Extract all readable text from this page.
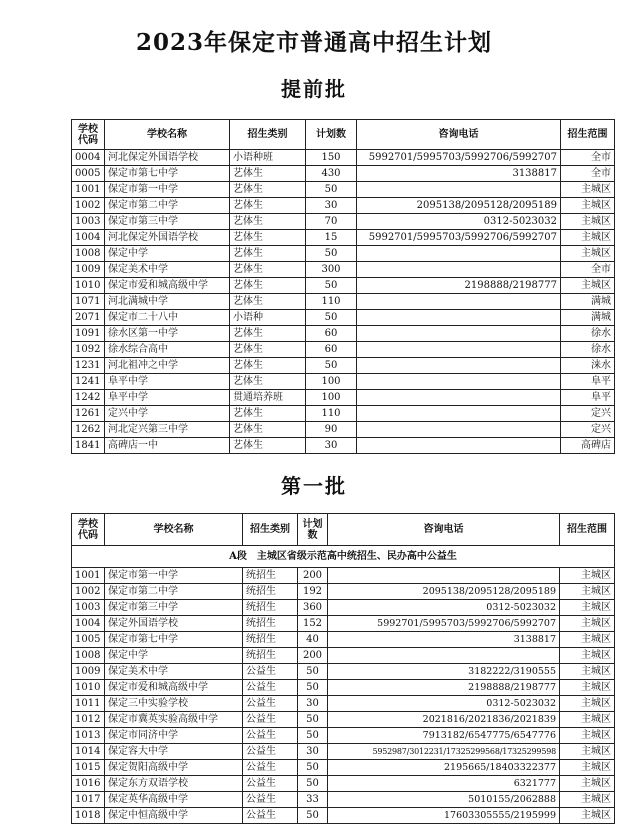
2023年保定市普通高中招生计划
提前批
学校代码	学校名称	招生类别	计划数	咨询电话	招生范围
0004	河北保定外国语学校	小语种班	150	5992701/5995703/5992706/5992707	全市
0005	保定市第七中学	艺体生	430	3138817	全市
1001	保定市第一中学	艺体生	50		主城区
1002	保定市第二中学	艺体生	30	2095138/2095128/2095189	主城区
1003	保定市第三中学	艺体生	70	0312-5023032	主城区
1004	河北保定外国语学校	艺体生	15	5992701/5995703/5992706/5992707	主城区
1008	保定中学	艺体生	50		主城区
1009	保定美术中学	艺体生	300		全市
1010	保定市爱和城高级中学	艺体生	50	2198888/2198777	主城区
1071	河北满城中学	艺体生	110		满城
2071	保定市二十八中	小语种	50		满城
1091	徐水区第一中学	艺体生	60		徐水
1092	徐水综合高中	艺体生	60		徐水
1231	河北祖冲之中学	艺体生	50		涞水
1241	阜平中学	艺体生	100		阜平
1242	阜平中学	贯通培养班	100		阜平
1261	定兴中学	艺体生	110		定兴
1262	河北定兴第三中学	艺体生	90		定兴
1841	高碑店一中	艺体生	30		高碑店
第一批
学校代码	学校名称	招生类别	计划数	咨询电话	招生范围
A段　主城区省级示范高中统招生、民办高中公益生					
1001	保定市第一中学	统招生	200		主城区
1002	保定市第二中学	统招生	192	2095138/2095128/2095189	主城区
1003	保定市第三中学	统招生	360	0312-5023032	主城区
1004	保定外国语学校	统招生	152	5992701/5995703/5992706/5992707	主城区
1005	保定市第七中学	统招生	40	3138817	主城区
1008	保定中学	统招生	200		主城区
1009	保定美术中学	公益生	50	3182222/3190555	主城区
1010	保定市爱和城高级中学	公益生	50	2198888/2198777	主城区
1011	保定三中实验学校	公益生	30	0312-5023032	主城区
1012	保定市冀英实验高级中学	公益生	50	2021816/2021836/2021839	主城区
1013	保定市同济中学	公益生	50	7913182/6547775/6547776	主城区
1014	保定容大中学	公益生	30	5952987/3012231/17325299568/17325299598	主城区
1015	保定贺阳高级中学	公益生	50	2195665/18403322377	主城区
1016	保定东方双语学校	公益生	50	6321777	主城区
1017	保定英华高级中学	公益生	33	5010155/2062888	主城区
1018	保定中恒高级中学	公益生	50	17603305555/2195999	主城区
